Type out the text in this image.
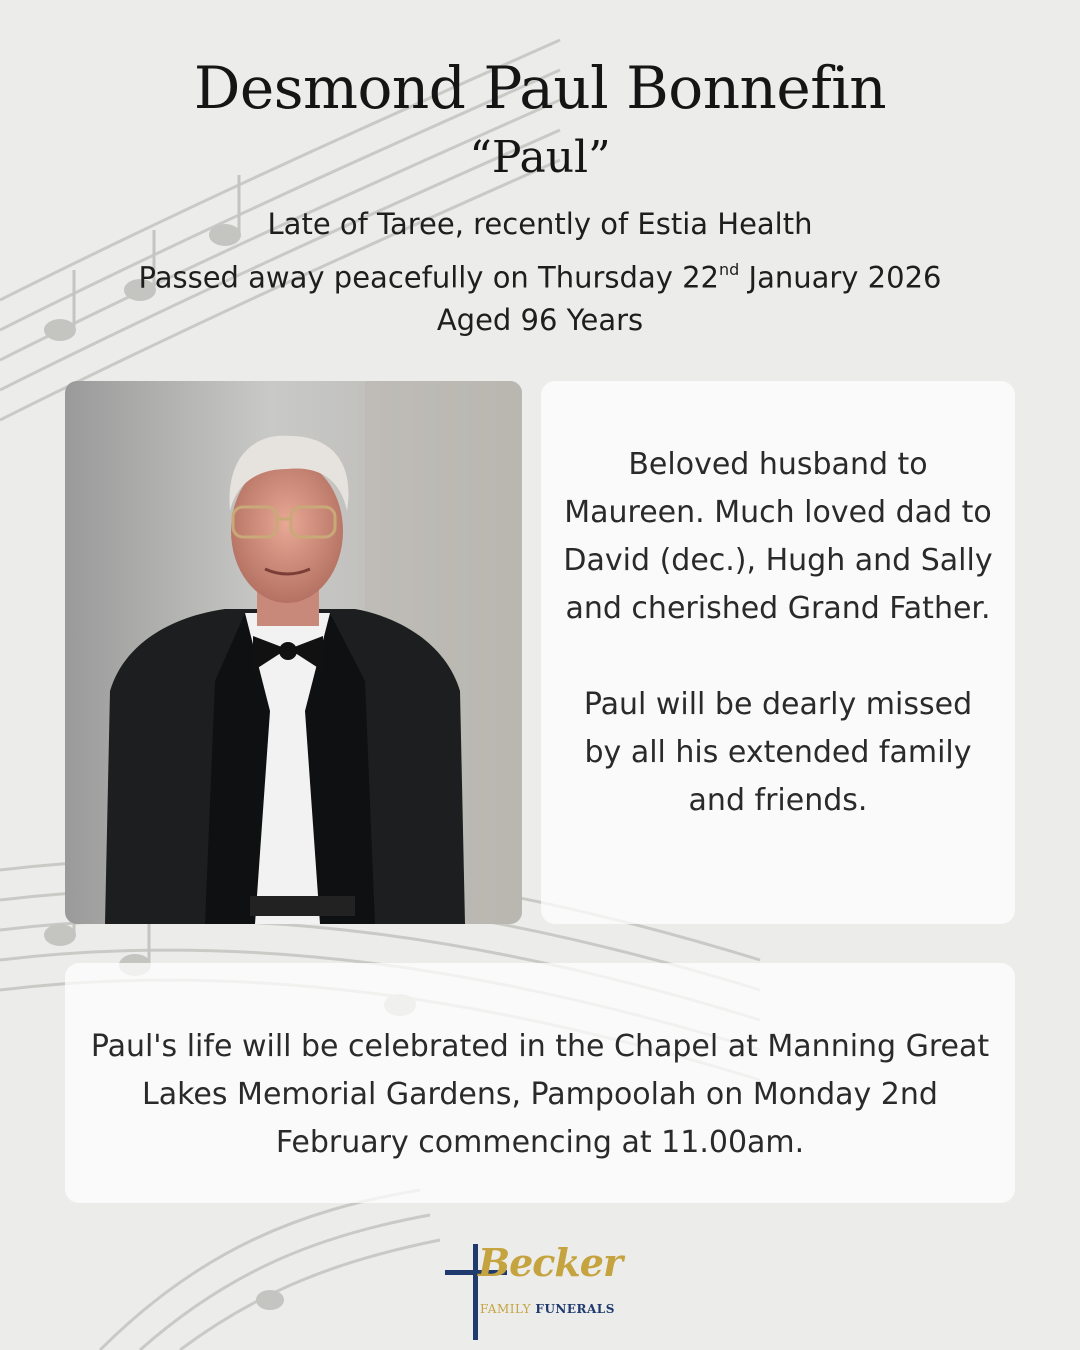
Desmond Paul Bonnefin
“Paul”
Late of Taree, recently of Estia Health
Passed away peacefully on Thursday 22nd January 2026
Aged 96 Years

Beloved husband to Maureen. Much loved dad to David (dec.), Hugh and Sally and cherished Grand Father.

Paul will be dearly missed by all his extended family and friends.

Paul's life will be celebrated in the Chapel at Manning Great Lakes Memorial Gardens, Pampoolah on Monday 2nd February commencing at 11.00am.

Becker
FAMILY FUNERALS
